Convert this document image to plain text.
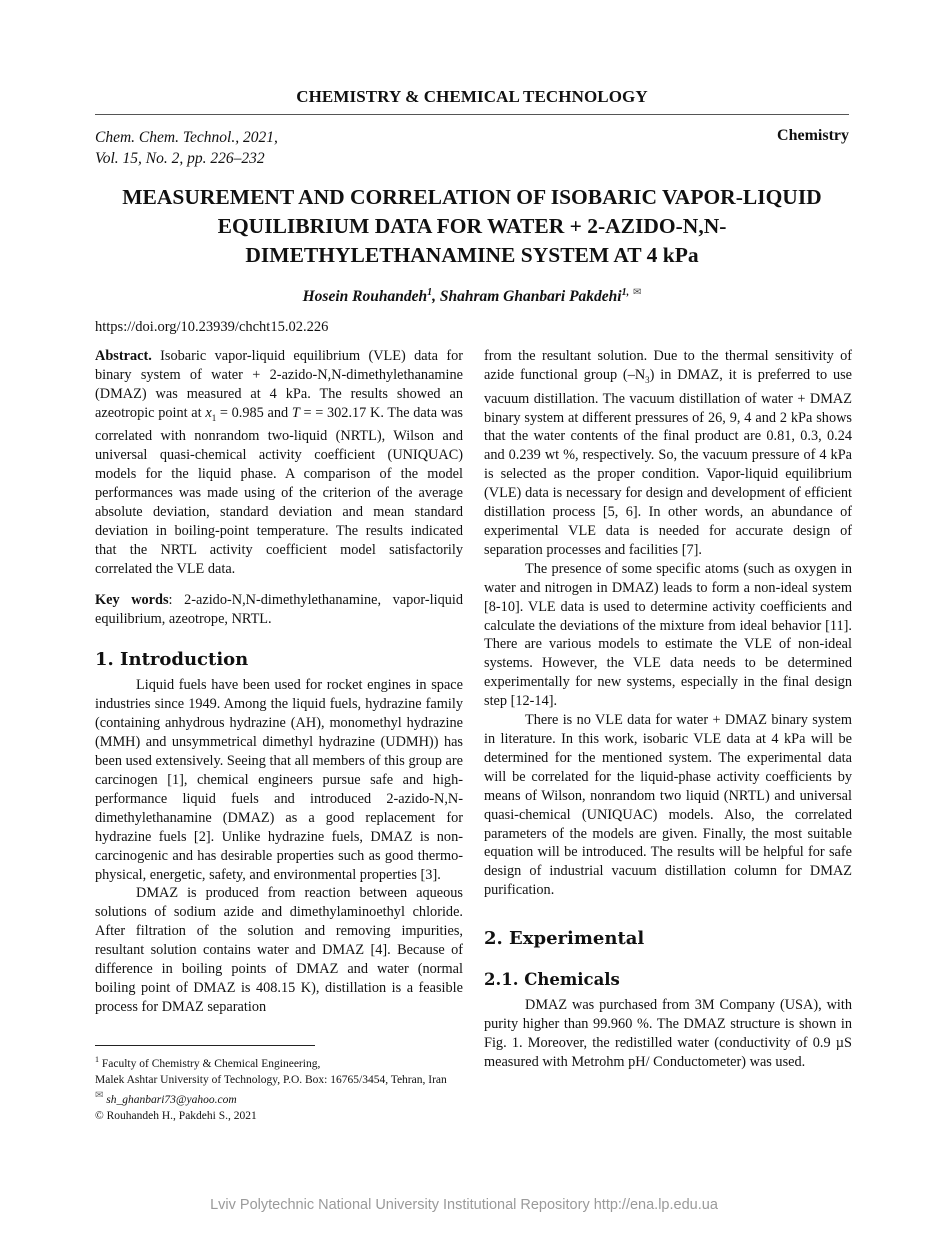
CHEMISTRY & CHEMICAL TECHNOLOGY
Chem. Chem. Technol., 2021,
Vol. 15, No. 2, pp. 226–232
Chemistry
MEASUREMENT AND CORRELATION OF ISOBARIC VAPOR-LIQUID EQUILIBRIUM DATA FOR WATER + 2-AZIDO-N,N-DIMETHYLETHANAMINE SYSTEM AT 4 kPa
Hosein Rouhandeh$^1$, Shahram Ghanbari Pakdehi$^{1,}$ ✉
https://doi.org/10.23939/chcht15.02.226

Abstract. Isobaric vapor-liquid equilibrium (VLE) data for binary system of water + 2-azido-N,N-dimethylethanamine (DMAZ) was measured at 4 kPa. The results showed an azeotropic point at $x_1 = 0.985$ and T = = 302.17 K. The data was correlated with nonrandom two-liquid (NRTL), Wilson and universal quasi-chemical activity coefficient (UNIQUAC) models for the liquid phase. A comparison of the model performances was made using of the criterion of the average absolute deviation, standard deviation and mean standard deviation in boiling-point temperature. The results indicated that the NRTL activity coefficient model satisfactorily correlated the VLE data.

Key words: 2-azido-N,N-dimethylethanamine, vapor-liquid equilibrium, azeotrope, NRTL.

1. Introduction

Liquid fuels have been used for rocket engines in space industries since 1949. Among the liquid fuels, hydrazine family (containing anhydrous hydrazine (AH), monomethyl hydrazine (MMH) and unsymmetrical dimethyl hydrazine (UDMH)) has been used extensively. Seeing that all members of this group are carcinogen [1], chemical engineers pursue safe and high-performance liquid fuels and introduced 2-azido-N,N-dimethylethanamine (DMAZ) as a good replacement for hydrazine fuels [2]. Unlike hydrazine fuels, DMAZ is non-carcinogenic and has desirable properties such as good thermo-physical, energetic, safety, and environmental properties [3].

DMAZ is produced from reaction between aqueous solutions of sodium azide and dimethylaminoethyl chloride. After filtration of the solution and removing impurities, resultant solution contains water and DMAZ [4]. Because of difference in boiling points of DMAZ and water (normal boiling point of DMAZ is 408.15 K), distillation is a feasible process for DMAZ separation

from the resultant solution. Due to the thermal sensitivity of azide functional group $(-N_3)$ in DMAZ, it is preferred to use vacuum distillation. The vacuum distillation of water + DMAZ binary system at different pressures of 26, 9, 4 and 2 kPa shows that the water contents of the final product are 0.81, 0.3, 0.24 and 0.239 wt %, respectively. So, the vacuum pressure of 4 kPa is selected as the proper condition. Vapor-liquid equilibrium (VLE) data is necessary for design and development of efficient distillation process [5, 6]. In other words, an abundance of experimental VLE data is needed for accurate design of separation processes and facilities [7].

The presence of some specific atoms (such as oxygen in water and nitrogen in DMAZ) leads to form a non-ideal system [8-10]. VLE data is used to determine activity coefficients and calculate the deviations of the mixture from ideal behavior [11]. There are various models to estimate the VLE of non-ideal systems. However, the VLE data needs to be determined experimentally for new systems, especially in the final design step [12-14].

There is no VLE data for water + DMAZ binary system in literature. In this work, isobaric VLE data at 4 kPa will be determined for the mentioned system. The experimental data will be correlated for the liquid-phase activity coefficients by means of Wilson, nonrandom two liquid (NRTL) and universal quasi-chemical (UNIQUAC) models. Also, the correlated parameters of the models are given. Finally, the most suitable equation will be introduced. The results will be helpful for safe design of industrial vacuum distillation column for DMAZ purification.

2. Experimental
2.1. Chemicals

DMAZ was purchased from 3M Company (USA), with purity higher than 99.960 %. The DMAZ structure is shown in Fig. 1. Moreover, the redistilled water (conductivity of 0.9 µS measured with Metrohm pH/ Conductometer) was used.

$^1$ Faculty of Chemistry & Chemical Engineering,
Malek Ashtar University of Technology, P.O. Box: 16765/3454, Tehran, Iran
✉ sh_ghanbari73@yahoo.com
© Rouhandeh H., Pakdehi S., 2021
Lviv Polytechnic National University Institutional Repository http://ena.lp.edu.ua
